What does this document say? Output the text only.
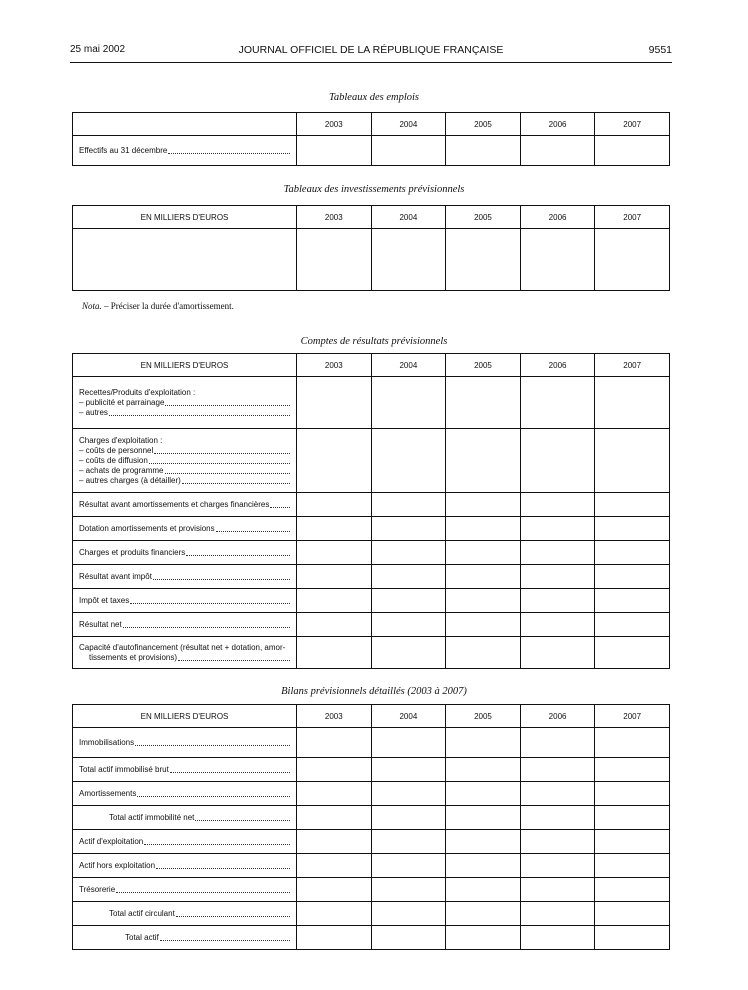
25 mai 2002	JOURNAL OFFICIEL DE LA RÉPUBLIQUE FRANÇAISE	9551
Tableaux des emplois
	2003	2004	2005	2006	2007

Effectifs au 31 décembre					

Tableaux des investissements prévisionnels
EN MILLIERS D'EUROS	2003	2004	2005	2006	2007

Nota. – Préciser la durée d'amortissement.
Comptes de résultats prévisionnels
EN MILLIERS D'EUROS	2003	2004	2005	2006	2007

Recettes/Produits d'exploitation :
– publicité et parrainage
– autres					

Charges d'exploitation :
– coûts de personnel
– coûts de diffusion
– achats de programme
– autres charges (à détailler)					

Résultat avant amortissements et charges financières					

Dotation amortissements et provisions					

Charges et produits financiers					

Résultat avant impôt					

Impôt et taxes					

Résultat net					

Capacité d'autofinancement (résultat net + dotation, amor-
tissements et provisions)					

Bilans prévisionnels détaillés (2003 à 2007)
EN MILLIERS D'EUROS	2003	2004	2005	2006	2007

Immobilisations					

Total actif immobilisé brut					

Amortissements					

Total actif immobilité net					

Actif d'exploitation					

Actif hors exploitation					

Trésorerie					

Total actif circulant					

Total actif					
